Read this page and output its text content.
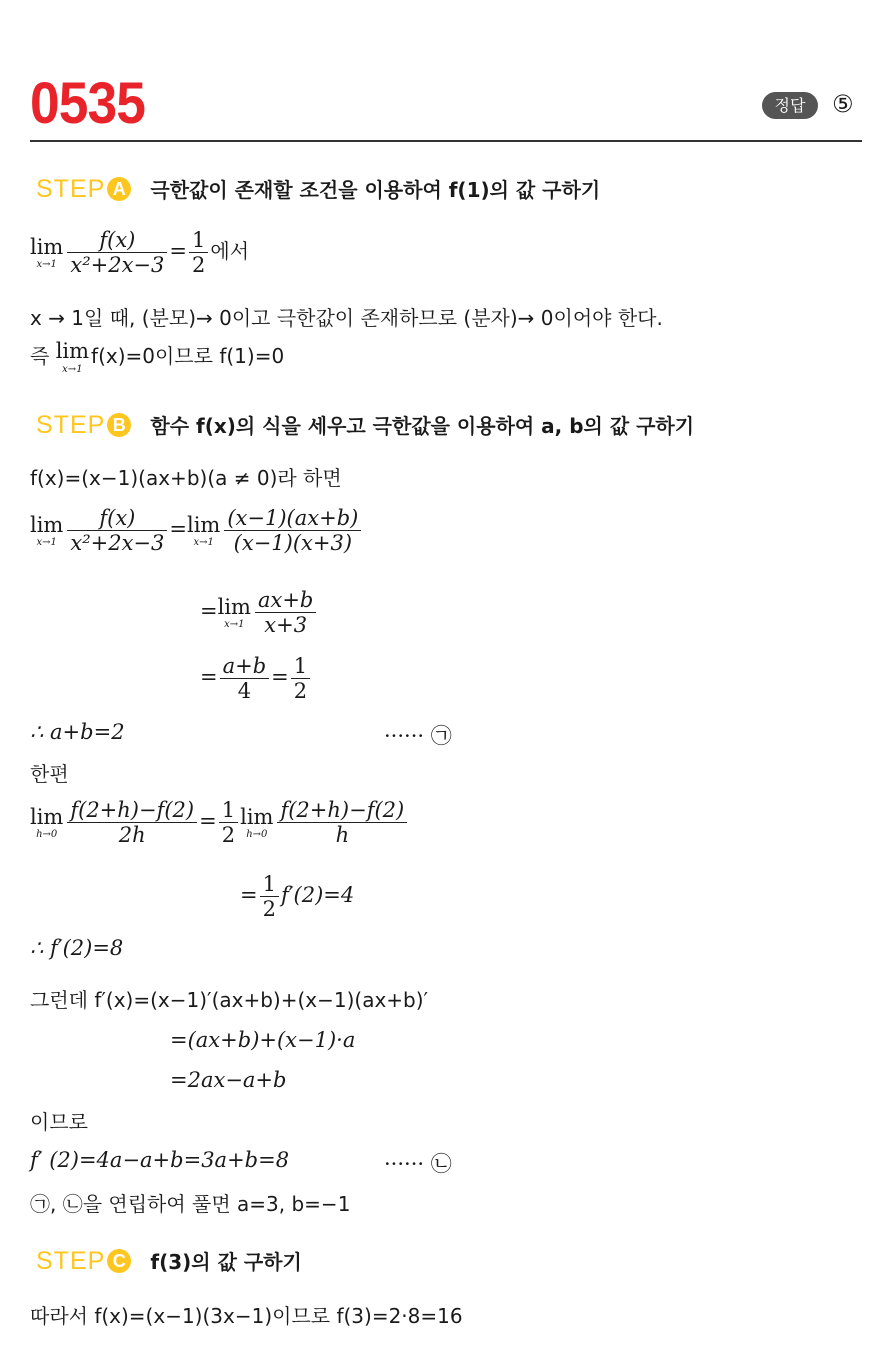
0535	정답	⑤
STEP A 극한값이 존재할 조건을 이용하여 f(1)의 값 구하기
lim
$x\to 1 \frac{f(x)}{\text{x²+2x−3}} = \frac{1}{2}$ 에서
x → 1일 때, (분모)→ 0이고 극한값이 존재하므로 (분자)→ 0이어야 한다.
즉 lim
x→1
f(x)=0이므로 f(1)=0
STEP B 함수 f(x)의 식을 세우고 극한값을 이용하여 a, b의 값 구하기
f(x)=(x−1)(ax+b)(a ≠ 0)라 하면
lim
$x\to 1 \frac{f(x)}{\text{x²+2x−3}} = \lim$
$x\to 1 \frac{(x-1)(ax+b)}{(x-1)(x+3)}$
= lim
$x\to 1 \frac{ax+b}{x+3}$
= $\frac{a+b}{4} = \frac{1}{2}$
∴ a+b=2	······ ㉠
한편
lim
$h\to 0 \frac{f(2+h)-f(2)}{2h} = \frac{1}{2}$ lim
$h\to 0 \frac{f(2+h)-f(2)}{h}$
= $\frac{1}{2} f'(2)=4$
∴ f′(2)=8
그런데 f′(x)=(x−1)′(ax+b)+(x−1)(ax+b)′
=(ax+b)+(x−1)·a
=2ax−a+b
이므로
f′ (2)=4a−a+b=3a+b=8	······ ㉡
㉠, ㉡을 연립하여 풀면 a=3, b=−1
STEP C f(3)의 값 구하기
따라서 f(x)=(x−1)(3x−1)이므로 f(3)=2·8=16
